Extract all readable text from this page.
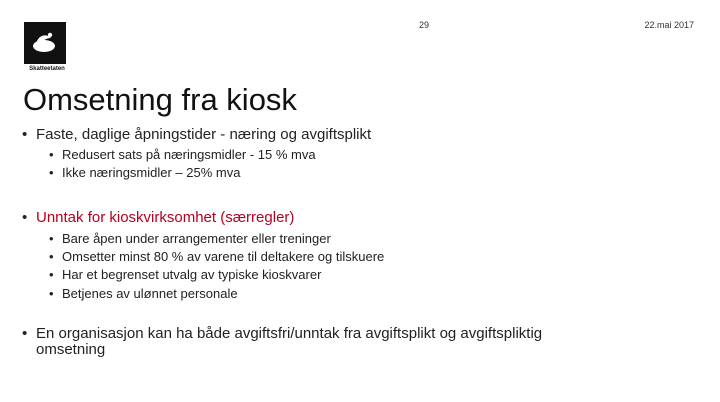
Skatteetaten
29	22.mai 2017
Omsetning fra kiosk
• Faste, daglige åpningstider - næring og avgiftsplikt
• Redusert sats på næringsmidler - 15 % mva
• Ikke næringsmidler – 25% mva
• Unntak for kioskvirksomhet (særregler)
• Bare åpen under arrangementer eller treninger
• Omsetter minst 80 % av varene til deltakere og tilskuere
• Har et begrenset utvalg av typiske kioskvarer
• Betjenes av ulønnet personale
• En organisasjon kan ha både avgiftsfri/unntak fra avgiftsplikt og avgiftspliktig
omsetning
